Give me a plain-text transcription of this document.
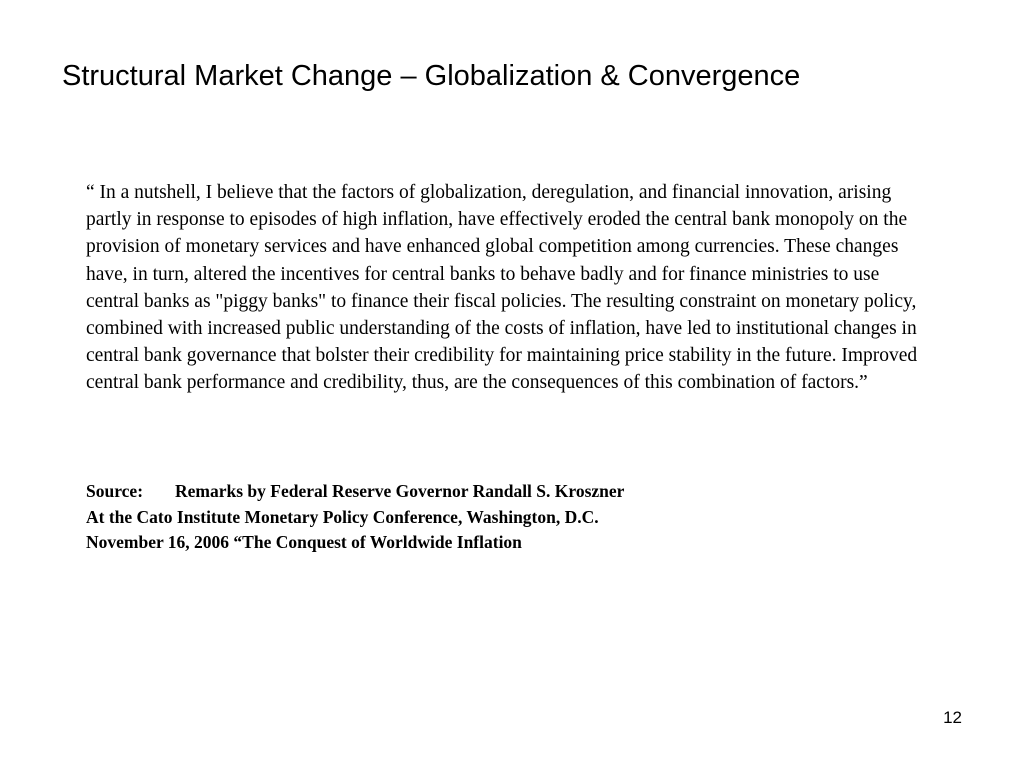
Structural Market Change – Globalization & Convergence

“ In a nutshell, I believe that the factors of globalization, deregulation, and financial innovation, arising partly in response to episodes of high inflation, have effectively eroded the central bank monopoly on the provision of monetary services and have enhanced global competition among currencies. These changes have, in turn, altered the incentives for central banks to behave badly and for finance ministries to use central banks as "piggy banks" to finance their fiscal policies. The resulting constraint on monetary policy, combined with increased public understanding of the costs of inflation, have led to institutional changes in central bank governance that bolster their credibility for maintaining price stability in the future. Improved central bank performance and credibility, thus, are the consequences of this combination of factors.”

Source: Remarks by Federal Reserve Governor Randall S. Kroszner
At the Cato Institute Monetary Policy Conference, Washington, D.C.
November 16, 2006 “The Conquest of Worldwide Inflation
12
